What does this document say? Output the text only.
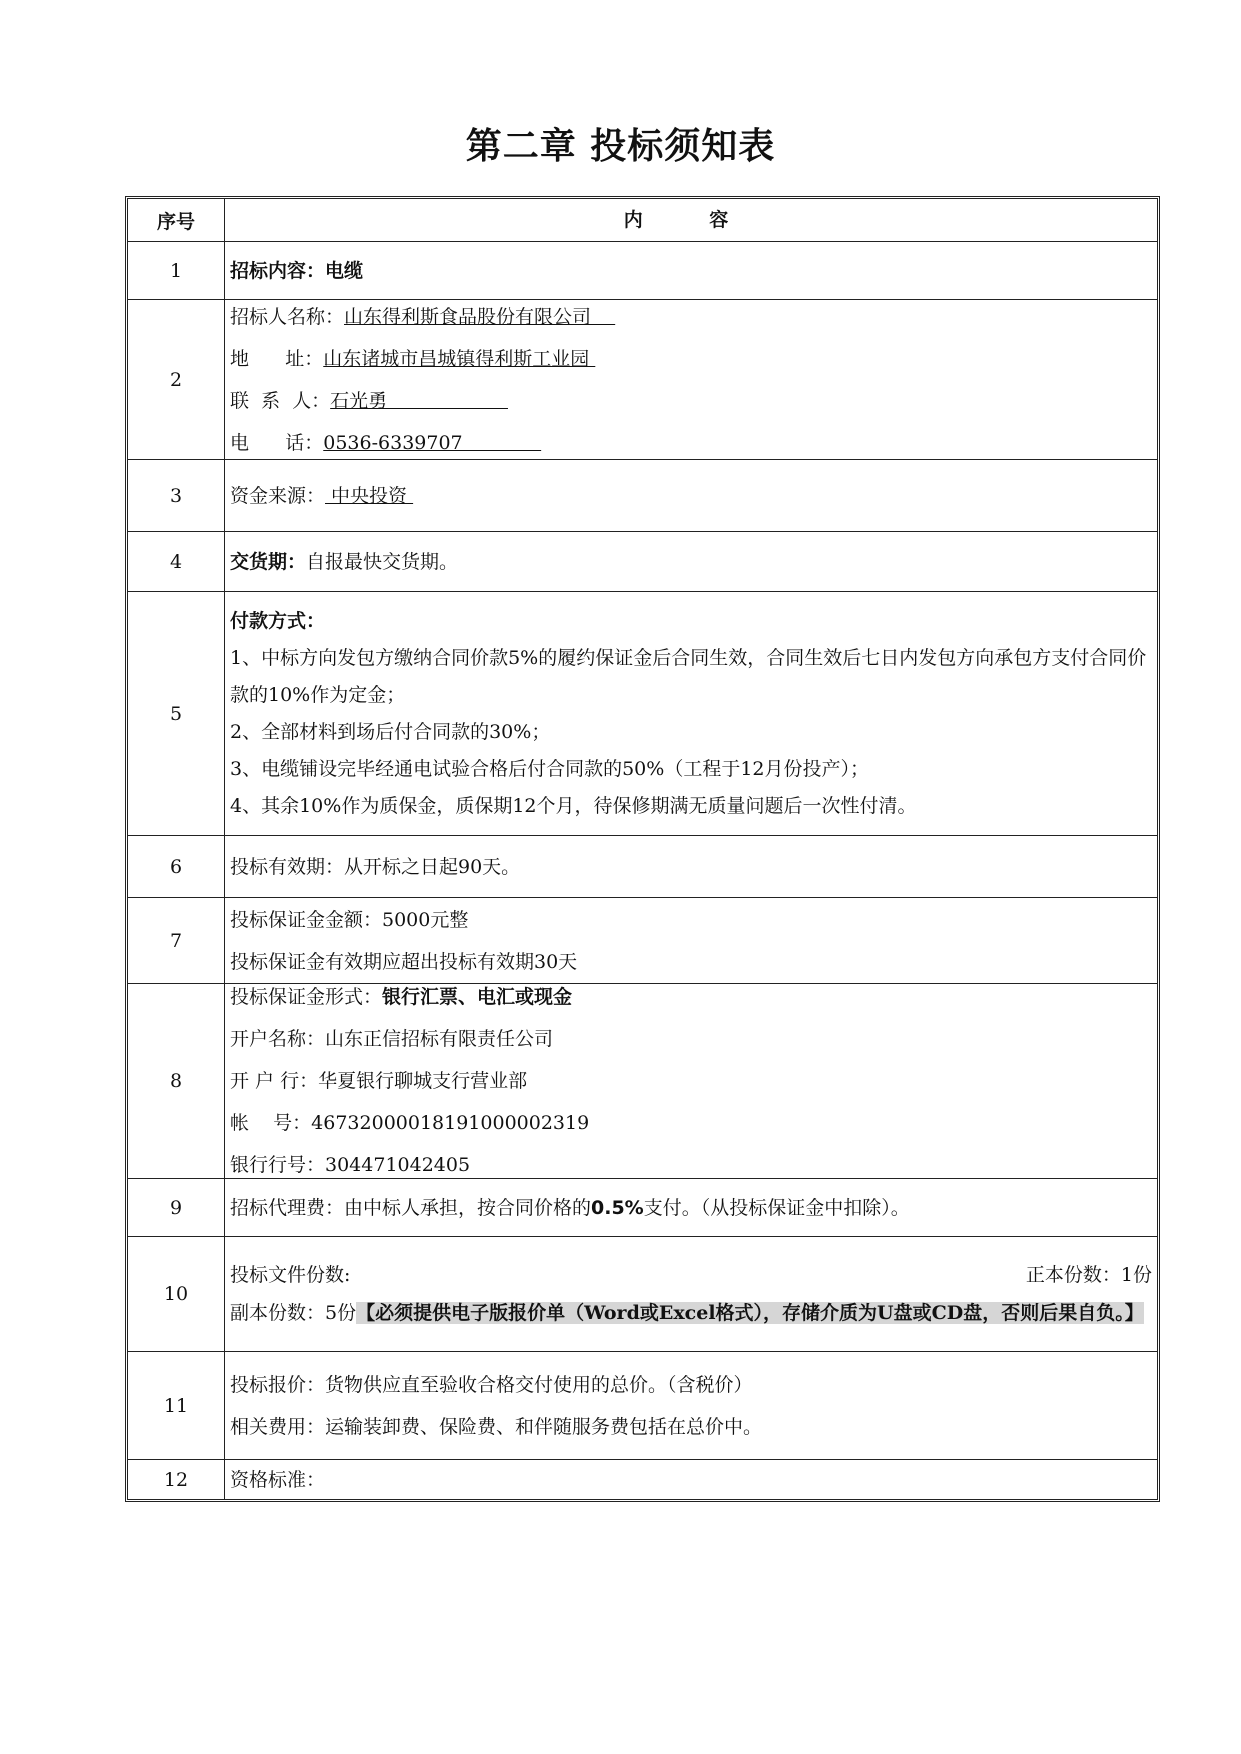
第二章 投标须知表
序号	内 容
1	招标内容：电缆
2
招标人名称：山东得利斯食品股份有限公司
地      址：山东诸城市昌城镇得利斯工业园
联  系  人：石光勇
电      话：0536-6339707
3	资金来源： 中央投资
4	交货期：自报最快交货期。
5
付款方式：
1、中标方向发包方缴纳合同价款5%的履约保证金后合同生效，合同生效后七日内发包方向承包方支付合同价款的10%作为定金；
2、全部材料到场后付合同款的30%；
3、电缆铺设完毕经通电试验合格后付合同款的50%（工程于12月份投产）；
4、其余10%作为质保金，质保期12个月，待保修期满无质量问题后一次性付清。
6	投标有效期：从开标之日起90天。
7
投标保证金金额：5000元整
投标保证金有效期应超出投标有效期30天
8
投标保证金形式：银行汇票、电汇或现金
开户名称：山东正信招标有限责任公司
开 户 行：华夏银行聊城支行营业部
帐    号：46732000018191000002319
银行行号：304471042405
9	招标代理费：由中标人承担，按合同价格的0.5%支付。（从投标保证金中扣除）。
10
投标文件份数:	正本份数：1份
副本份数：5份【必须提供电子版报价单（Word或Excel格式），存储介质为U盘或CD盘，否则后果自负。】
11
投标报价：货物供应直至验收合格交付使用的总价。（含税价）
相关费用：运输装卸费、保险费、和伴随服务费包括在总价中。
12	资格标准：
